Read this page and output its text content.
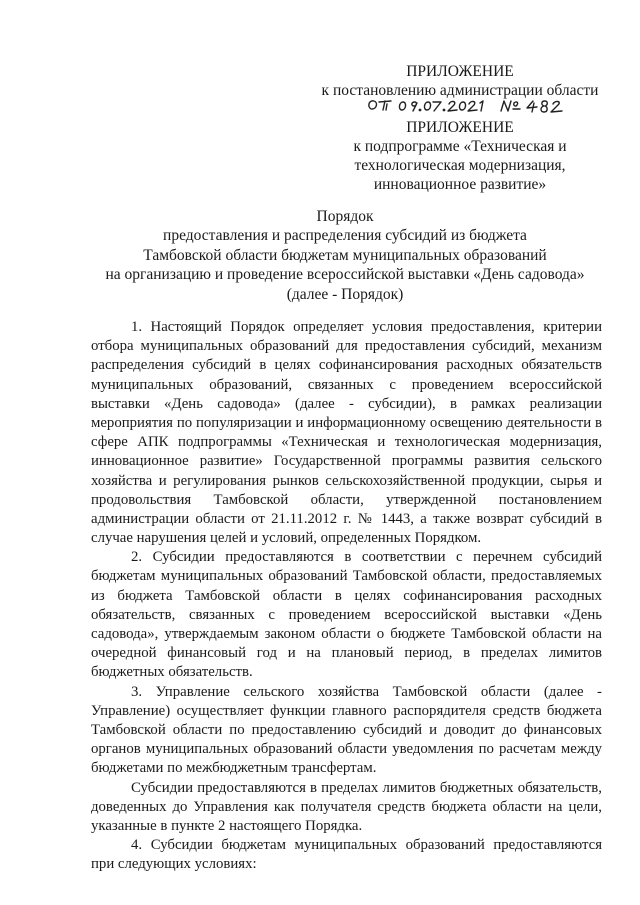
ПРИЛОЖЕНИЕ
к постановлению администрации области
ПРИЛОЖЕНИЕ
к подпрограмме «Техническая и
технологическая модернизация,
инновационное развитие»
Порядок
предоставления и распределения субсидий из бюджета
Тамбовской области бюджетам муниципальных образований
на организацию и проведение всероссийской выставки «День садовода»
(далее - Порядок)

1. Настоящий Порядок определяет условия предоставления, критерии отбора муниципальных образований для предоставления субсидий, механизм распределения субсидий в целях софинансирования расходных обязательств муниципальных образований, связанных с проведением всероссийской выставки «День садовода» (далее - субсидии), в рамках реализации мероприятия по популяризации и информационному освещению деятельности в сфере АПК подпрограммы «Техническая и технологическая модернизация, инновационное развитие» Государственной программы развития сельского хозяйства и регулирования рынков сельскохозяйственной продукции, сырья и продовольствия Тамбовской области, утвержденной постановлением администрации области от 21.11.2012 г. № 1443, а также возврат субсидий в случае нарушения целей и условий, определенных Порядком.

2. Субсидии предоставляются в соответствии с перечнем субсидий бюджетам муниципальных образований Тамбовской области, предоставляемых из бюджета Тамбовской области в целях софинансирования расходных обязательств, связанных с проведением всероссийской выставки «День садовода», утверждаемым законом области о бюджете Тамбовской области на очередной финансовый год и на плановый период, в пределах лимитов бюджетных обязательств.

3. Управление сельского хозяйства Тамбовской области (далее - Управление) осуществляет функции главного распорядителя средств бюджета Тамбовской области по предоставлению субсидий и доводит до финансовых органов муниципальных образований области уведомления по расчетам между бюджетами по межбюджетным трансфертам.

Субсидии предоставляются в пределах лимитов бюджетных обязательств, доведенных до Управления как получателя средств бюджета области на цели, указанные в пункте 2 настоящего Порядка.

4. Субсидии бюджетам муниципальных образований предоставляются при следующих условиях:
